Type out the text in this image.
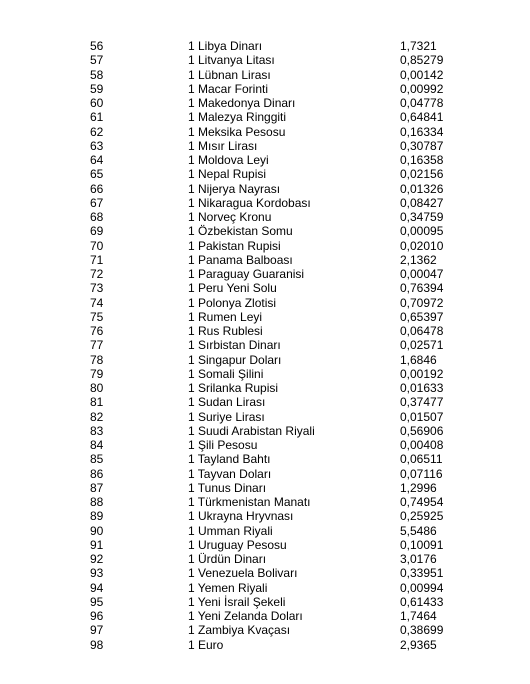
56	1 Libya Dinarı	1,7321
57	1 Litvanya Litası	0,85279
58	1 Lübnan Lirası	0,00142
59	1 Macar Forinti	0,00992
60	1 Makedonya Dinarı	0,04778
61	1 Malezya Ringgiti	0,64841
62	1 Meksika Pesosu	0,16334
63	1 Mısır Lirası	0,30787
64	1 Moldova Leyi	0,16358
65	1 Nepal Rupisi	0,02156
66	1 Nijerya Nayrası	0,01326
67	1 Nikaragua Kordobası	0,08427
68	1 Norveç Kronu	0,34759
69	1 Özbekistan Somu	0,00095
70	1 Pakistan Rupisi	0,02010
71	1 Panama Balboası	2,1362
72	1 Paraguay Guaranisi	0,00047
73	1 Peru Yeni Solu	0,76394
74	1 Polonya Zlotisi	0,70972
75	1 Rumen Leyi	0,65397
76	1 Rus Rublesi	0,06478
77	1 Sırbistan Dinarı	0,02571
78	1 Singapur Doları	1,6846
79	1 Somali Şilini	0,00192
80	1 Srilanka Rupisi	0,01633
81	1 Sudan Lirası	0,37477
82	1 Suriye Lirası	0,01507
83	1 Suudi Arabistan Riyali	0,56906
84	1 Şili Pesosu	0,00408
85	1 Tayland Bahtı	0,06511
86	1 Tayvan Doları	0,07116
87	1 Tunus Dinarı	1,2996
88	1 Türkmenistan Manatı	0,74954
89	1 Ukrayna Hryvnası	0,25925
90	1 Umman Riyali	5,5486
91	1 Uruguay Pesosu	0,10091
92	1 Ürdün Dinarı	3,0176
93	1 Venezuela Bolivarı	0,33951
94	1 Yemen Riyali	0,00994
95	1 Yeni İsrail Şekeli	0,61433
96	1 Yeni Zelanda Doları	1,7464
97	1 Zambiya Kvaçası	0,38699
98	1 Euro	2,9365
